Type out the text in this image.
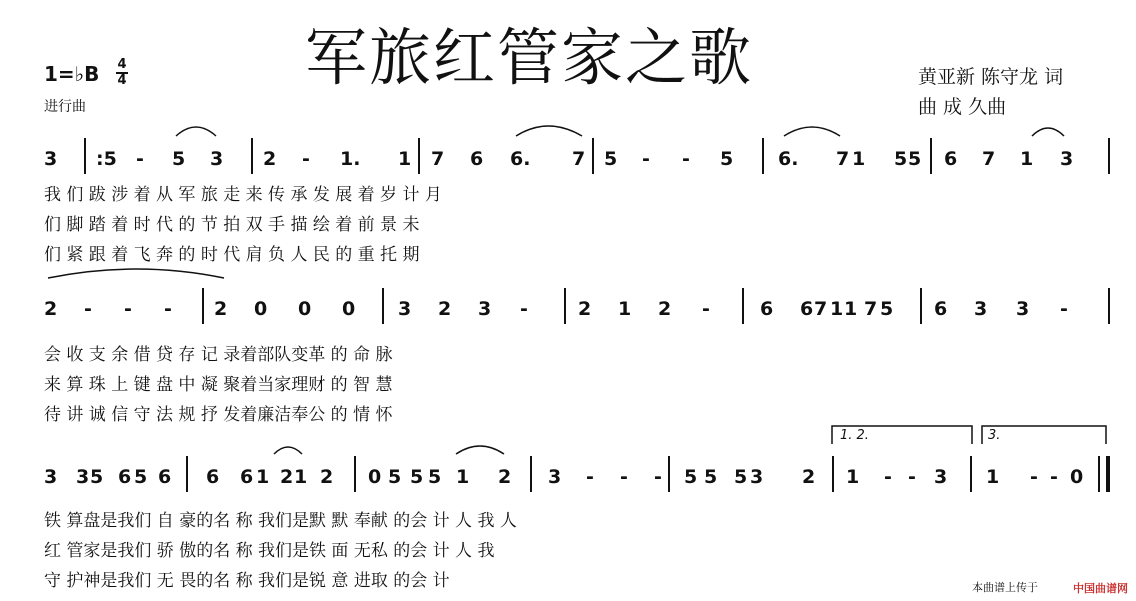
军旅红管家之歌
1=♭B 4
4
进行曲
黄亚新 陈守龙 词
曲 成 久曲
3 :5 - 5 3 2 - 1. 1 7 6 6. 7 5 - - 5 6. 7 1 5 5 6 7 1 3
我 们 跋 涉 着 从 军 旅 走 来 传 承 发 展 着 岁 计 月
们 脚 踏 着 时 代 的 节 拍 双 手 描 绘 着 前 景 未
们 紧 跟 着 飞 奔 的 时 代 肩 负 人 民 的 重 托 期
2 - - - 2 0 0 0 3 2 3 -	2 1 2 -	6 6 7 1 1 7 5 6 3 3 -
会 收 支 余 借 贷 存 记 录着部队变革 的 命 脉
来 算 珠 上 键 盘 中 凝 聚着当家理财 的 智 慧
待 讲 诚 信 守 法 规 抒 发着廉洁奉公 的 情 怀
1. 2.	3.
3 3 5 6 5 6 6 6 1 2 1 2 0 5 5 5 1 2 3 - - - 5 5 5 3 2 1 - - 3 1 - - 0
铁 算盘是我们 自 豪的名 称 我们是默 默 奉献 的会 计 人 我 人
红 管家是我们 骄 傲的名 称 我们是铁 面 无私 的会 计 人 我
守 护神是我们 无 畏的名 称 我们是锐 意 进取 的会 计	本曲谱上传于	中国曲谱网
